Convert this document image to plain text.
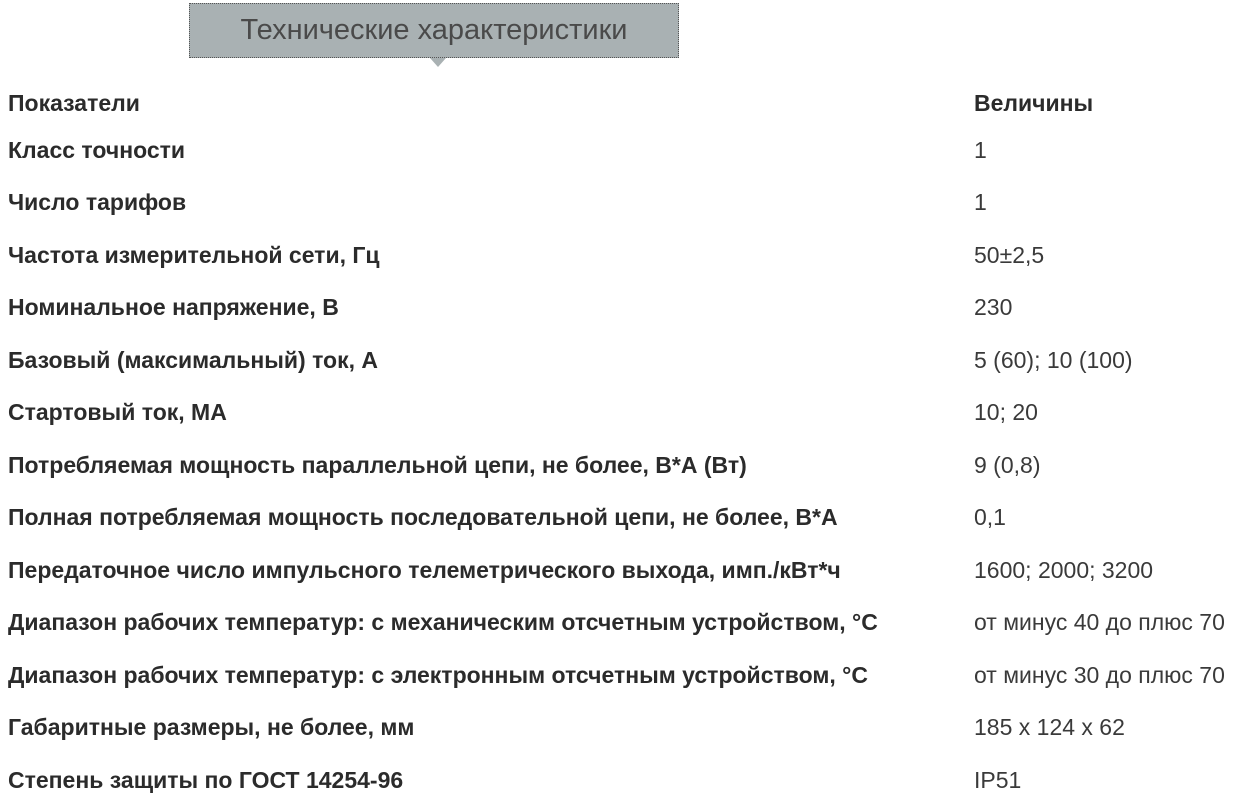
Технические характеристики
Показатели	Величины
Класс точности	1
Число тарифов	1
Частота измерительной сети, Гц	50±2,5
Номинальное напряжение, В	230
Базовый (максимальный) ток, А	5 (60); 10 (100)
Стартовый ток, МА	10; 20
Потребляемая мощность параллельной цепи, не более, В*А (Вт)	9 (0,8)
Полная потребляемая мощность последовательной цепи, не более, В*А	0,1
Передаточное число импульсного телеметрического выхода, имп./кВт*ч	1600; 2000; 3200
Диапазон рабочих температур: с механическим отсчетным устройством, °С	от минус 40 до плюс 70
Диапазон рабочих температур: с электронным отсчетным устройством, °С	от минус 30 до плюс 70
Габаритные размеры, не более, мм	185 х 124 х 62
Степень защиты по ГОСТ 14254-96	IP51
